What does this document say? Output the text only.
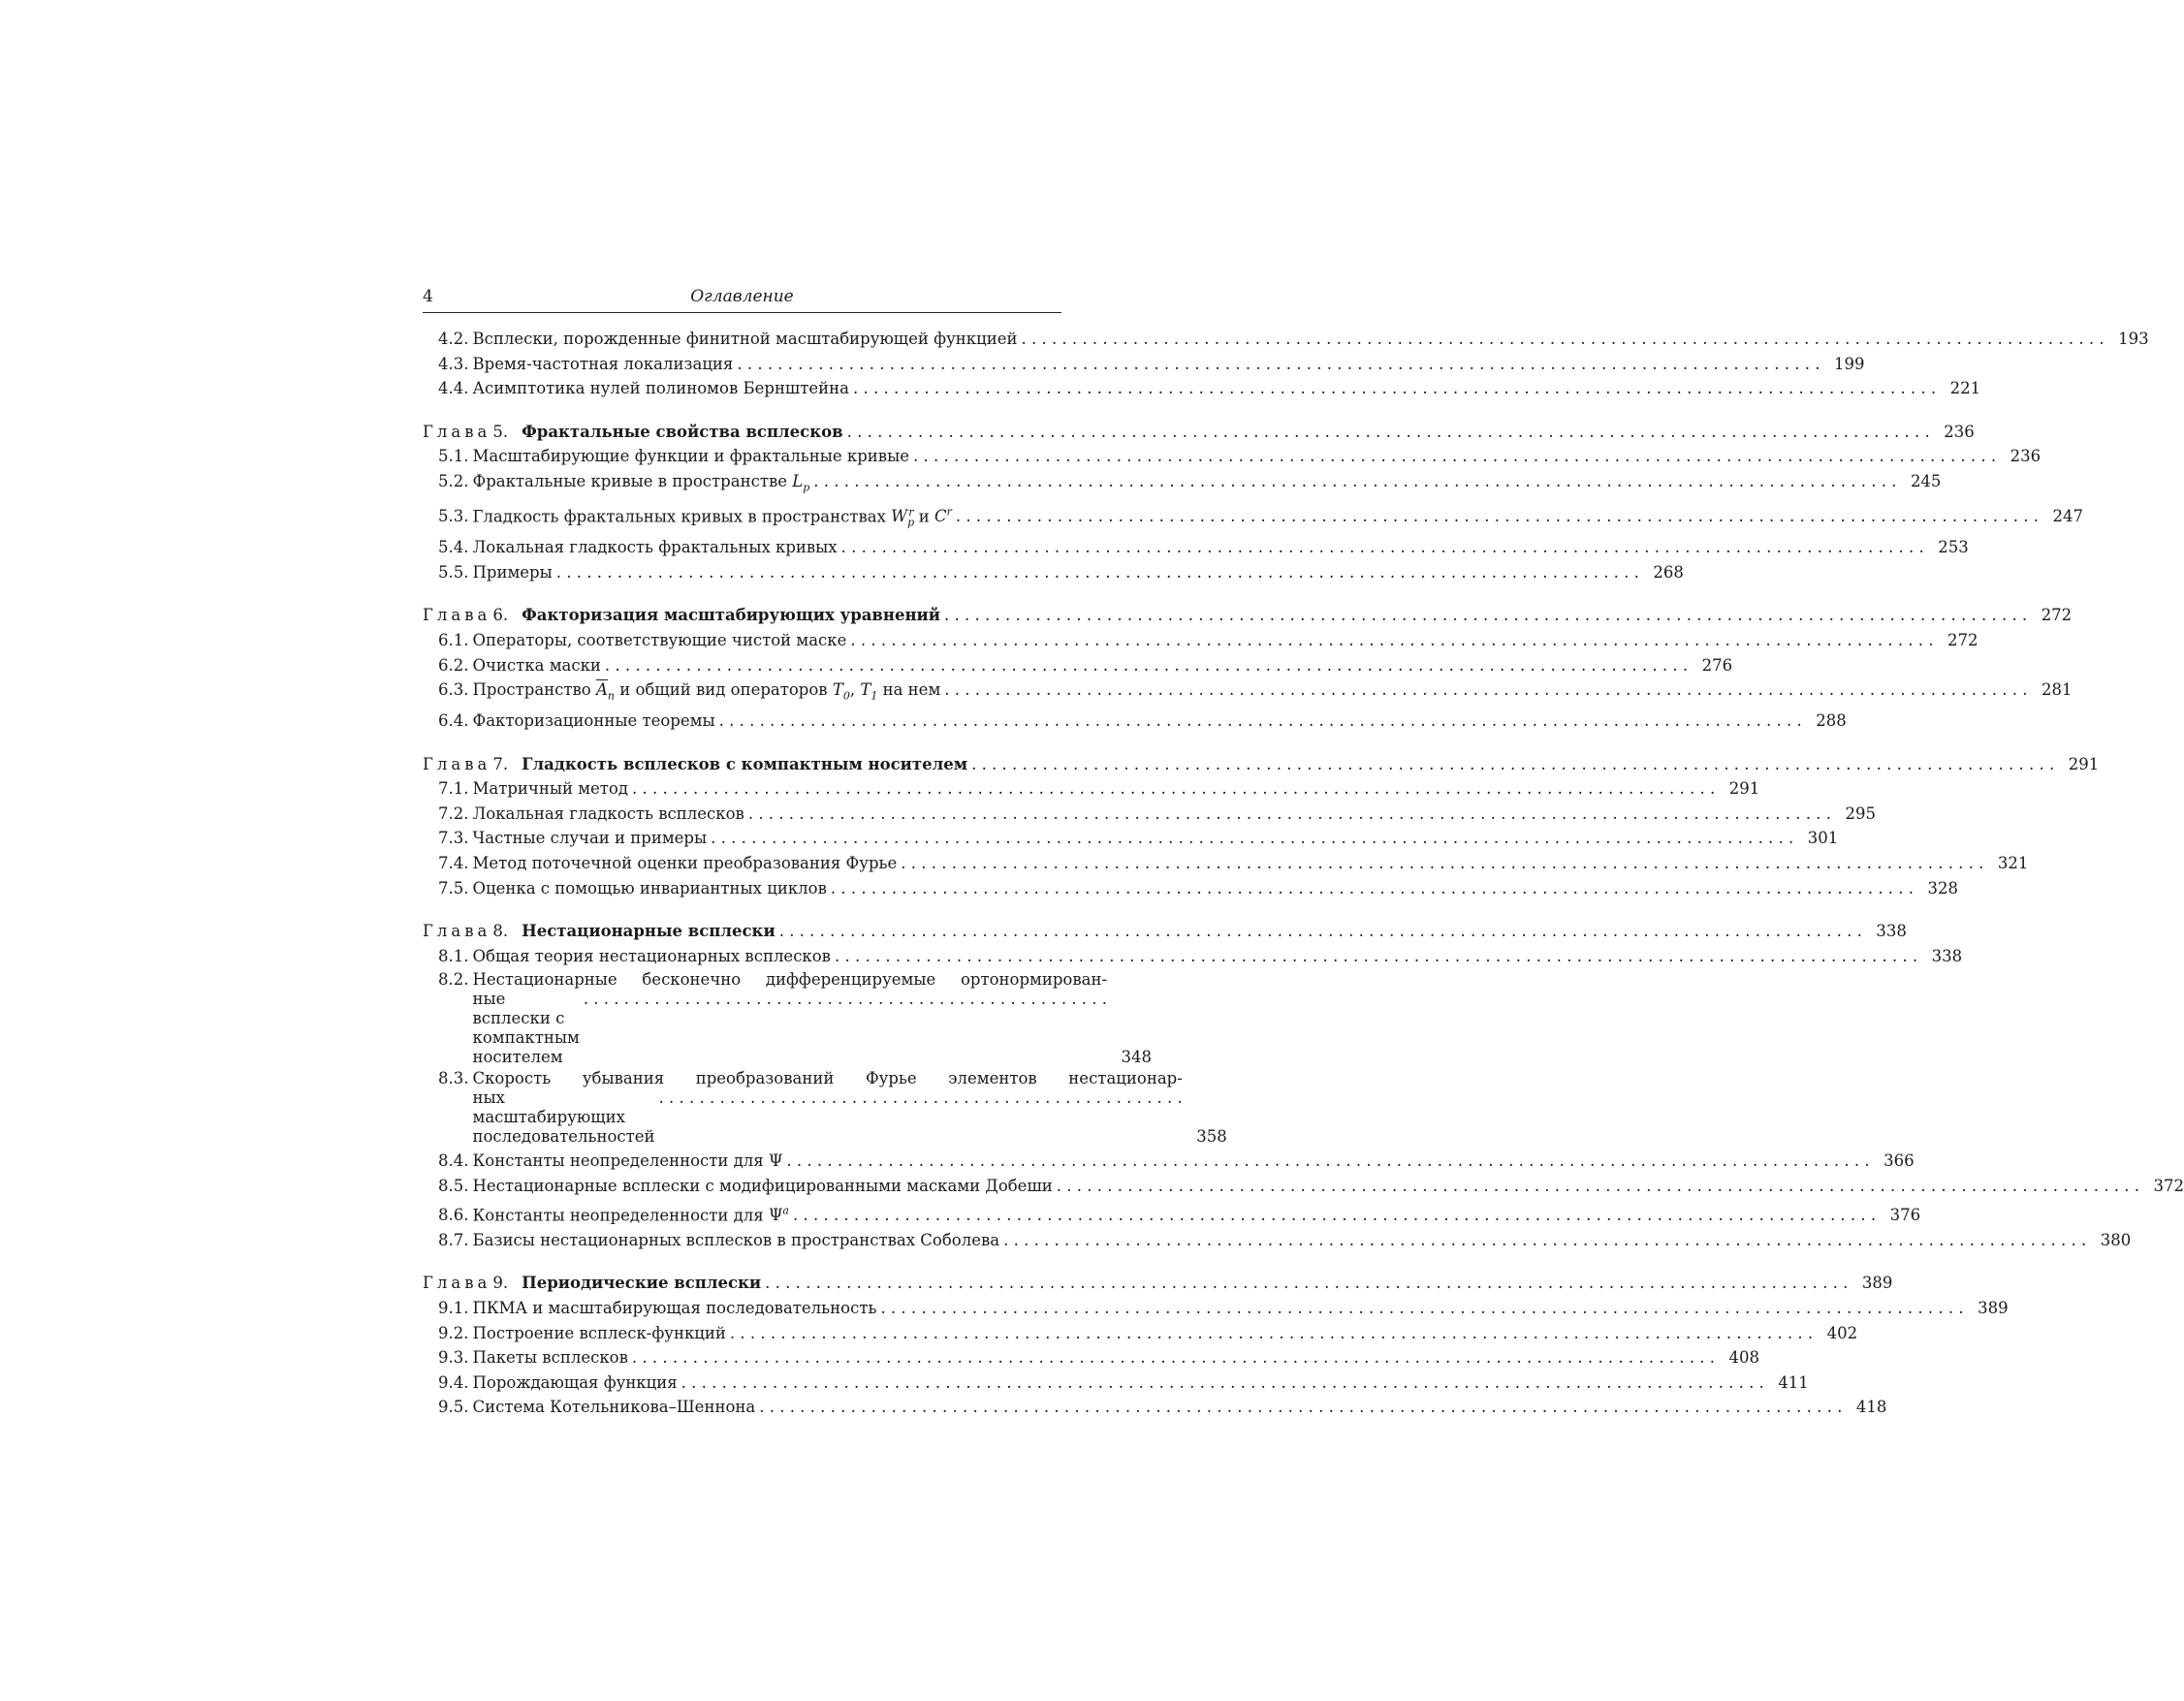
4	Оглавление
4.2. Всплески, порожденные финитной масштабирующей функцией . . .	193
4.3. Время-частотная локализация . . .	199
4.4. Асимптотика нулей полиномов Бернштейна . . .	221
Глава 5. Фрактальные свойства всплесков . . .	236
5.1. Масштабирующие функции и фрактальные кривые . . .	236
5.2. Фрактальные кривые в пространстве $L_p$ . . .	245
5.3. Гладкость фрактальных кривых в пространствах $W_p^r$ и $C^r$ . . .	247
5.4. Локальная гладкость фрактальных кривых . . .	253
5.5. Примеры . . .	268
Глава 6. Факторизация масштабирующих уравнений . . .	272
6.1. Операторы, соответствующие чистой маске . . .	272
6.2. Очистка маски . . .	276
6.3. Пространство $\overline{A}_n$ и общий вид операторов $T_0$, $T_1$ на нем . . .	281
6.4. Факторизационные теоремы . . .	288
Глава 7. Гладкость всплесков с компактным носителем . . .	291
7.1. Матричный метод . . .	291
7.2. Локальная гладкость всплесков . . .	295
7.3. Частные случаи и примеры . . .	301
7.4. Метод поточечной оценки преобразования Фурье . . .	321
7.5. Оценка с помощью инвариантных циклов . . .	328
Глава 8. Нестационарные всплески . . .	338
8.1. Общая теория нестационарных всплесков . . .	338
8.2. Нестационарные бесконечно дифференцируемые ортонормирован-
ные всплески с компактным носителем
. . .	348
8.3. Скорость убывания преобразований Фурье элементов нестационар-
ных масштабирующих последовательностей
. . .	358
8.4. Константы неопределенности для Ψ . . .	366
8.5. Нестационарные всплески с модифицированными масками Добеши . . .	372
8.6. Константы неопределенности для $\Psi^a$ . . .	376
8.7. Базисы нестационарных всплесков в пространствах Соболева . . .	380
Глава 9. Периодические всплески . . .	389
9.1. ПКМА и масштабирующая последовательность . . .	389
9.2. Построение всплеск-функций . . .	402
9.3. Пакеты всплесков . . .	408
9.4. Порождающая функция . . .	411
9.5. Система Котельникова–Шеннона . . .	418
